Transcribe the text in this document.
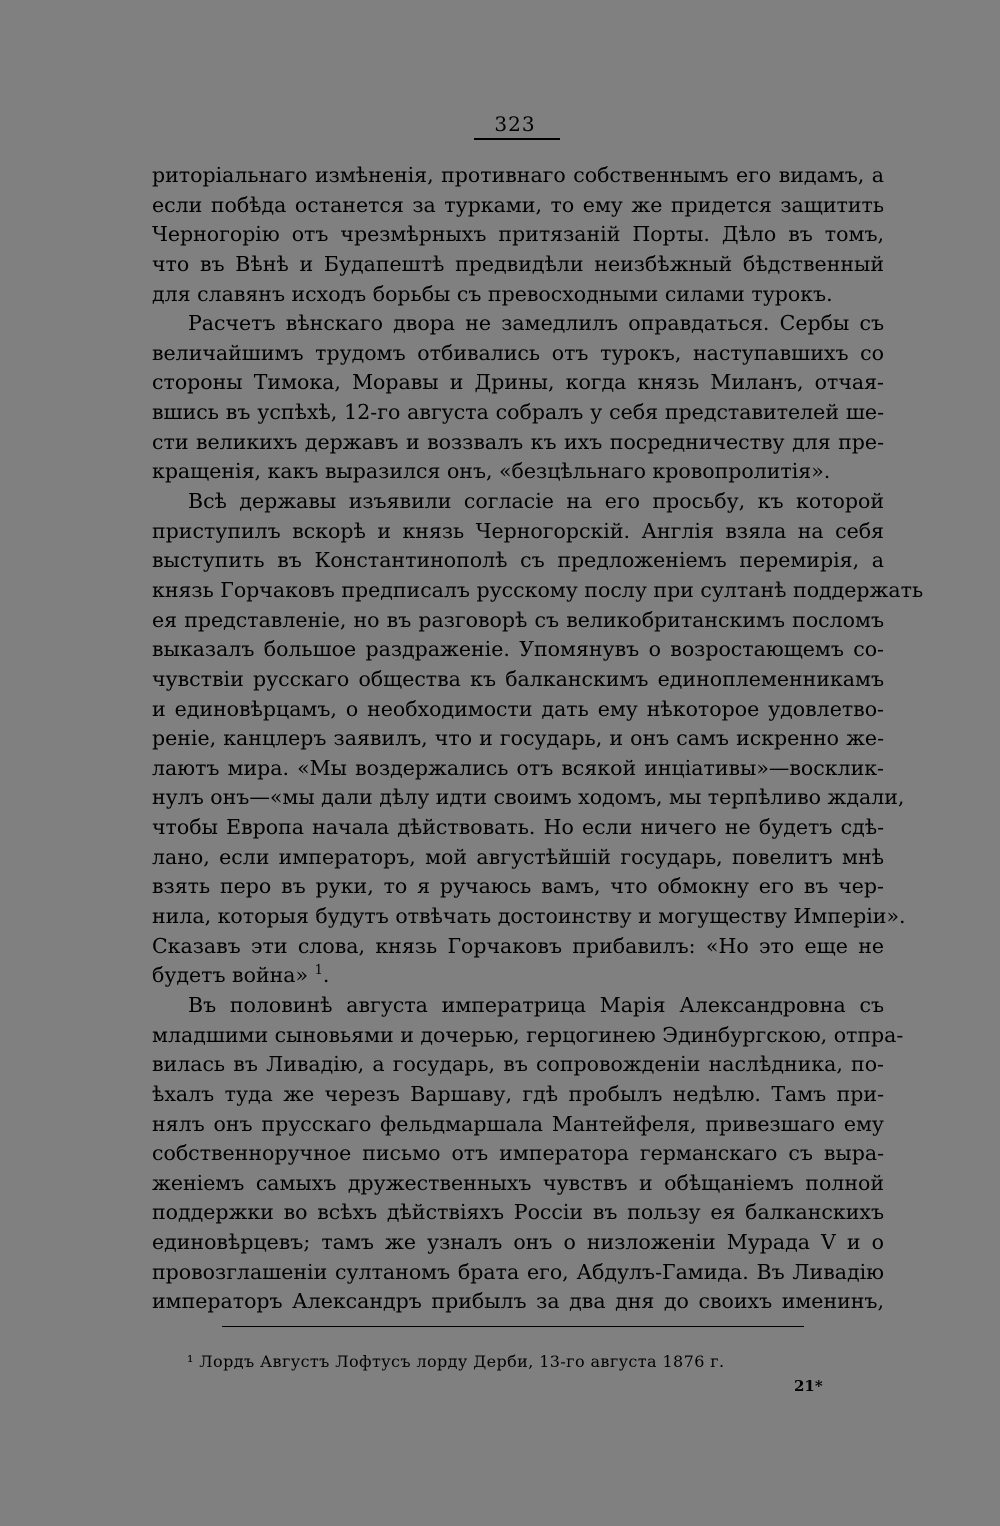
323
риторіальнаго измѣненія, противнаго собственнымъ его видамъ, а
если побѣда останется за турками, то ему же придется защитить
Черногорію отъ чрезмѣрныхъ притязаній Порты. Дѣло въ томъ,
что въ Вѣнѣ и Будапештѣ предвидѣли неизбѣжный бѣдственный
для славянъ исходъ борьбы съ превосходными силами турокъ.
Расчетъ вѣнскаго двора не замедлилъ оправдаться. Сербы съ
величайшимъ трудомъ отбивались отъ турокъ, наступавшихъ со
стороны Тимока, Моравы и Дрины, когда князь Миланъ, отчая-
вшись въ успѣхѣ, 12-го августа собралъ у себя представителей ше-
сти великихъ державъ и воззвалъ къ ихъ посредничеству для пре-
кращенія, какъ выразился онъ, «безцѣльнаго кровопролитія».
Всѣ державы изъявили согласіе на его просьбу, къ которой
приступилъ вскорѣ и князь Черногорскій. Англія взяла на себя
выступить въ Константинополѣ съ предложеніемъ перемирія, а
князь Горчаковъ предписалъ русскому послу при султанѣ поддержать
ея представленіе, но въ разговорѣ съ великобританскимъ посломъ
выказалъ большое раздраженіе. Упомянувъ о возростающемъ со-
чувствіи русскаго общества къ балканскимъ единоплеменникамъ
и единовѣрцамъ, о необходимости дать ему нѣкоторое удовлетво-
реніе, канцлеръ заявилъ, что и государь, и онъ самъ искренно же-
лаютъ мира. «Мы воздержались отъ всякой инціативы»—восклик-
нулъ онъ—«мы дали дѣлу идти своимъ ходомъ, мы терпѣливо ждали,
чтобы Европа начала дѣйствовать. Но если ничего не будетъ сдѣ-
лано, если императоръ, мой августѣйшій государь, повелитъ мнѣ
взять перо въ руки, то я ручаюсь вамъ, что обмокну его въ чер-
нила, которыя будутъ отвѣчать достоинству и могуществу Имперіи».
Сказавъ эти слова, князь Горчаковъ прибавилъ: «Но это еще не
будетъ война» $^1$.
Въ половинѣ августа императрица Марія Александровна съ
младшими сыновьями и дочерью, герцогинею Эдинбургскою, отпра-
вилась въ Ливадію, а государь, въ сопровожденіи наслѣдника, по-
ѣхалъ туда же черезъ Варшаву, гдѣ пробылъ недѣлю. Тамъ при-
нялъ онъ прусскаго фельдмаршала Мантейфеля, привезшаго ему
собственноручное письмо отъ императора германскаго съ выра-
женіемъ самыхъ дружественныхъ чувствъ и обѣщаніемъ полной
поддержки во всѣхъ дѣйствіяхъ Россіи въ пользу ея балканскихъ
единовѣрцевъ; тамъ же узналъ онъ о низложеніи Мурада V и о
провозглашеніи султаномъ брата его, Абдулъ-Гамида. Въ Ливадію
императоръ Александръ прибылъ за два дня до своихъ именинъ,
¹ Лордъ Августъ Лофтусъ лорду Дерби, 13-го августа 1876 г.
21*
